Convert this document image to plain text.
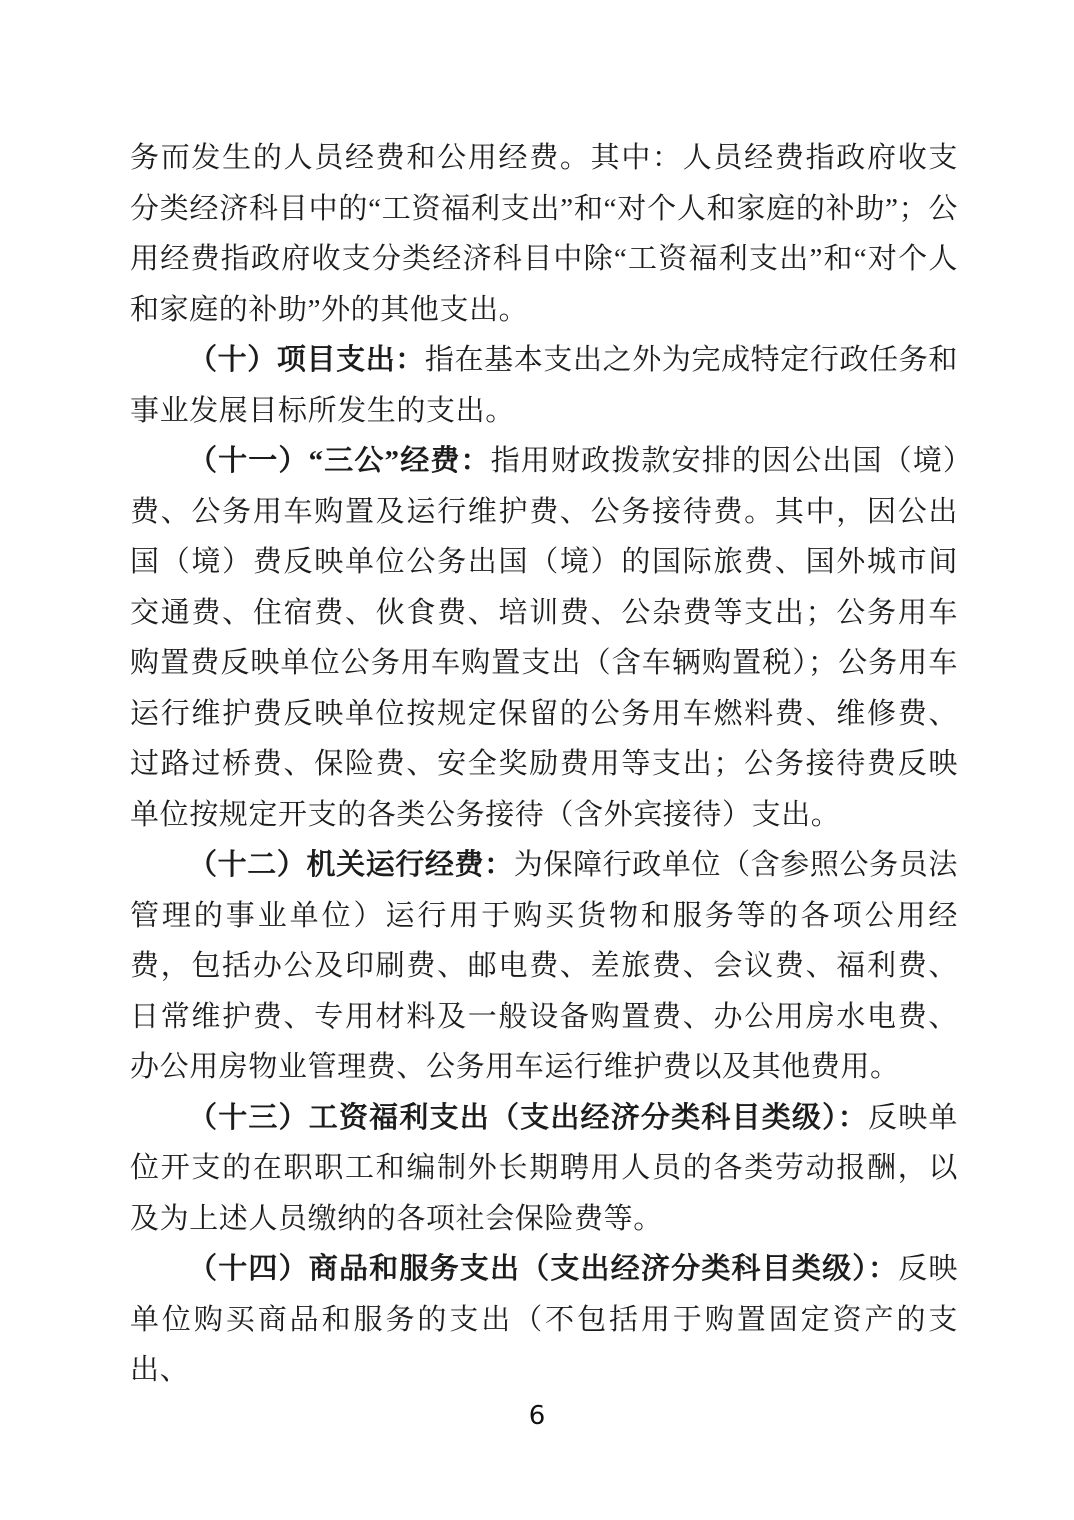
务而发生的人员经费和公用经费。其中：人员经费指政府收支分类经济科目中的“工资福利支出”和“对个人和家庭的补助”；公用经费指政府收支分类经济科目中除“工资福利支出”和“对个人和家庭的补助”外的其他支出。

（十）项目支出：指在基本支出之外为完成特定行政任务和事业发展目标所发生的支出。

（十一）“三公”经费：指用财政拨款安排的因公出国（境）费、公务用车购置及运行维护费、公务接待费。其中，因公出国（境）费反映单位公务出国（境）的国际旅费、国外城市间交通费、住宿费、伙食费、培训费、公杂费等支出；公务用车购置费反映单位公务用车购置支出（含车辆购置税）；公务用车运行维护费反映单位按规定保留的公务用车燃料费、维修费、过路过桥费、保险费、安全奖励费用等支出；公务接待费反映单位按规定开支的各类公务接待（含外宾接待）支出。

（十二）机关运行经费：为保障行政单位（含参照公务员法管理的事业单位）运行用于购买货物和服务等的各项公用经费，包括办公及印刷费、邮电费、差旅费、会议费、福利费、日常维护费、专用材料及一般设备购置费、办公用房水电费、办公用房物业管理费、公务用车运行维护费以及其他费用。

（十三）工资福利支出（支出经济分类科目类级）：反映单位开支的在职职工和编制外长期聘用人员的各类劳动报酬，以及为上述人员缴纳的各项社会保险费等。

（十四）商品和服务支出（支出经济分类科目类级）：反映单位购买商品和服务的支出（不包括用于购置固定资产的支出、

6
